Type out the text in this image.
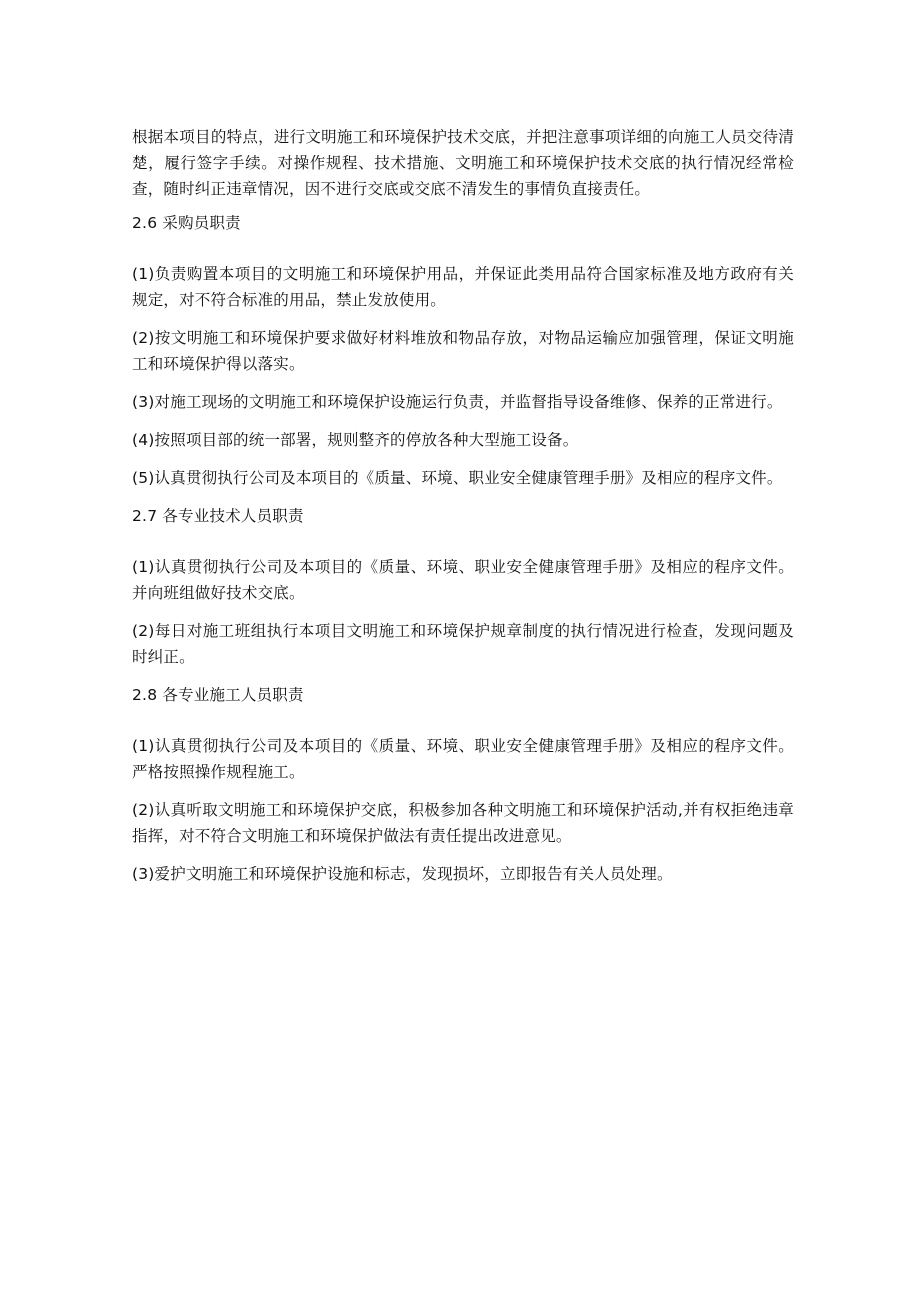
根据本项目的特点，进行文明施工和环境保护技术交底，并把注意事项详细的向施工人员交待清楚，履行签字手续。对操作规程、技术措施、文明施工和环境保护技术交底的执行情况经常检查，随时纠正违章情况，因不进行交底或交底不清发生的事情负直接责任。

2.6 采购员职责

(1)负责购置本项目的文明施工和环境保护用品，并保证此类用品符合国家标准及地方政府有关规定，对不符合标准的用品，禁止发放使用。

(2)按文明施工和环境保护要求做好材料堆放和物品存放，对物品运输应加强管理，保证文明施工和环境保护得以落实。

(3)对施工现场的文明施工和环境保护设施运行负责，并监督指导设备维修、保养的正常进行。

(4)按照项目部的统一部署，规则整齐的停放各种大型施工设备。

(5)认真贯彻执行公司及本项目的《质量、环境、职业安全健康管理手册》及相应的程序文件。

2.7 各专业技术人员职责

(1)认真贯彻执行公司及本项目的《质量、环境、职业安全健康管理手册》及相应的程序文件。并向班组做好技术交底。

(2)每日对施工班组执行本项目文明施工和环境保护规章制度的执行情况进行检查，发现问题及时纠正。

2.8 各专业施工人员职责

(1)认真贯彻执行公司及本项目的《质量、环境、职业安全健康管理手册》及相应的程序文件。严格按照操作规程施工。

(2)认真听取文明施工和环境保护交底，积极参加各种文明施工和环境保护活动,并有权拒绝违章指挥，对不符合文明施工和环境保护做法有责任提出改进意见。

(3)爱护文明施工和环境保护设施和标志，发现损坏，立即报告有关人员处理。
